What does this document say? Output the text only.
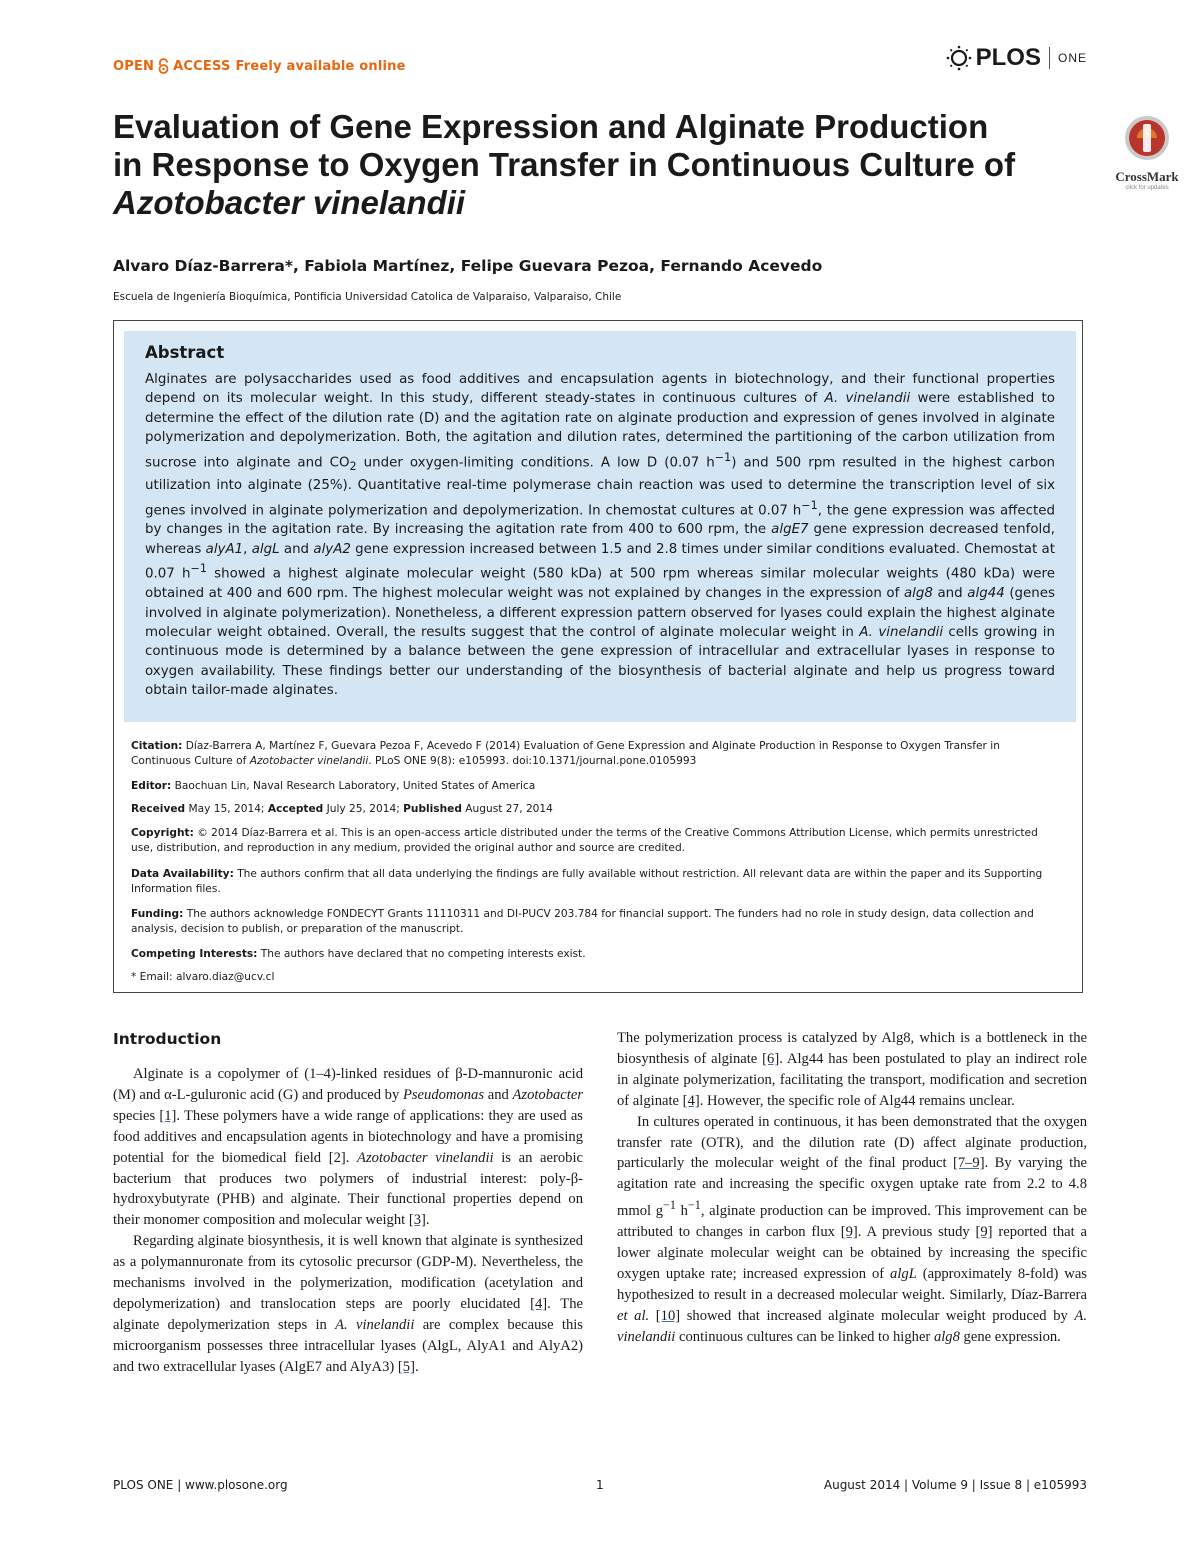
OPEN ACCESS Freely available online	PLOS ONE
Evaluation of Gene Expression and Alginate Production
in Response to Oxygen Transfer in Continuous Culture of
Azotobacter vinelandii
CrossMark
click for updates
Alvaro Díaz-Barrera*, Fabiola Martínez, Felipe Guevara Pezoa, Fernando Acevedo
Escuela de Ingeniería Bioquímica, Pontificia Universidad Catolica de Valparaiso, Valparaiso, Chile
Abstract

Alginates are polysaccharides used as food additives and encapsulation agents in biotechnology, and their functional properties depend on its molecular weight. In this study, different steady-states in continuous cultures of A. vinelandii were established to determine the effect of the dilution rate (D) and the agitation rate on alginate production and expression of genes involved in alginate polymerization and depolymerization. Both, the agitation and dilution rates, determined the partitioning of the carbon utilization from sucrose into alginate and $CO_2$ under oxygen-limiting conditions. A low D (0.07 $h^{-1}$) and 500 rpm resulted in the highest carbon utilization into alginate (25%). Quantitative real-time polymerase chain reaction was used to determine the transcription level of six genes involved in alginate polymerization and depolymerization. In chemostat cultures at 0.07 $h^{-1}$, the gene expression was affected by changes in the agitation rate. By increasing the agitation rate from 400 to 600 rpm, the algE7 gene expression decreased tenfold, whereas alyA1, algL and alyA2 gene expression increased between 1.5 and 2.8 times under similar conditions evaluated. Chemostat at 0.07 $h^{-1}$ showed a highest alginate molecular weight (580 kDa) at 500 rpm whereas similar molecular weights (480 kDa) were obtained at 400 and 600 rpm. The highest molecular weight was not explained by changes in the expression of alg8 and alg44 (genes involved in alginate polymerization). Nonetheless, a different expression pattern observed for lyases could explain the highest alginate molecular weight obtained. Overall, the results suggest that the control of alginate molecular weight in A. vinelandii cells growing in continuous mode is determined by a balance between the gene expression of intracellular and extracellular lyases in response to oxygen availability. These findings better our understanding of the biosynthesis of bacterial alginate and help us progress toward obtain tailor-made alginates.

Citation: Díaz-Barrera A, Martínez F, Guevara Pezoa F, Acevedo F (2014) Evaluation of Gene Expression and Alginate Production in Response to Oxygen Transfer in Continuous Culture of Azotobacter vinelandii. PLoS ONE 9(8): e105993. doi:10.1371/journal.pone.0105993

Editor: Baochuan Lin, Naval Research Laboratory, United States of America

Received May 15, 2014; Accepted July 25, 2014; Published August 27, 2014

Copyright: © 2014 Díaz-Barrera et al. This is an open-access article distributed under the terms of the Creative Commons Attribution License, which permits unrestricted use, distribution, and reproduction in any medium, provided the original author and source are credited.

Data Availability: The authors confirm that all data underlying the findings are fully available without restriction. All relevant data are within the paper and its Supporting Information files.

Funding: The authors acknowledge FONDECYT Grants 11110311 and DI-PUCV 203.784 for financial support. The funders had no role in study design, data collection and analysis, decision to publish, or preparation of the manuscript.

Competing Interests: The authors have declared that no competing interests exist.

* Email: alvaro.diaz@ucv.cl

Introduction

Alginate is a copolymer of (1–4)-linked residues of β-D-mannuronic acid (M) and α-L-guluronic acid (G) and produced by Pseudomonas and Azotobacter species [1]. These polymers have a wide range of applications: they are used as food additives and encapsulation agents in biotechnology and have a promising potential for the biomedical field [2]. Azotobacter vinelandii is an aerobic bacterium that produces two polymers of industrial interest: poly-β-hydroxybutyrate (PHB) and alginate. Their functional properties depend on their monomer composition and molecular weight [3].

Regarding alginate biosynthesis, it is well known that alginate is synthesized as a polymannuronate from its cytosolic precursor (GDP-M). Nevertheless, the mechanisms involved in the polymerization, modification (acetylation and depolymerization) and translocation steps are poorly elucidated [4]. The alginate depolymerization steps in A. vinelandii are complex because this microorganism possesses three intracellular lyases (AlgL, AlyA1 and AlyA2) and two extracellular lyases (AlgE7 and AlyA3) [5].

The polymerization process is catalyzed by Alg8, which is a bottleneck in the biosynthesis of alginate [6]. Alg44 has been postulated to play an indirect role in alginate polymerization, facilitating the transport, modification and secretion of alginate [4]. However, the specific role of Alg44 remains unclear.

In cultures operated in continuous, it has been demonstrated that the oxygen transfer rate (OTR), and the dilution rate (D) affect alginate production, particularly the molecular weight of the final product [7–9]. By varying the agitation rate and increasing the specific oxygen uptake rate from 2.2 to 4.8 mmol $g^{-1}$ $h^{-1}$, alginate production can be improved. This improvement can be attributed to changes in carbon flux [9]. A previous study [9] reported that a lower alginate molecular weight can be obtained by increasing the specific oxygen uptake rate; increased expression of algL (approximately 8-fold) was hypothesized to result in a decreased molecular weight. Similarly, Díaz-Barrera et al. [10] showed that increased alginate molecular weight produced by A. vinelandii continuous cultures can be linked to higher alg8 gene expression.

PLOS ONE | www.plosone.org	1	August 2014 | Volume 9 | Issue 8 | e105993
